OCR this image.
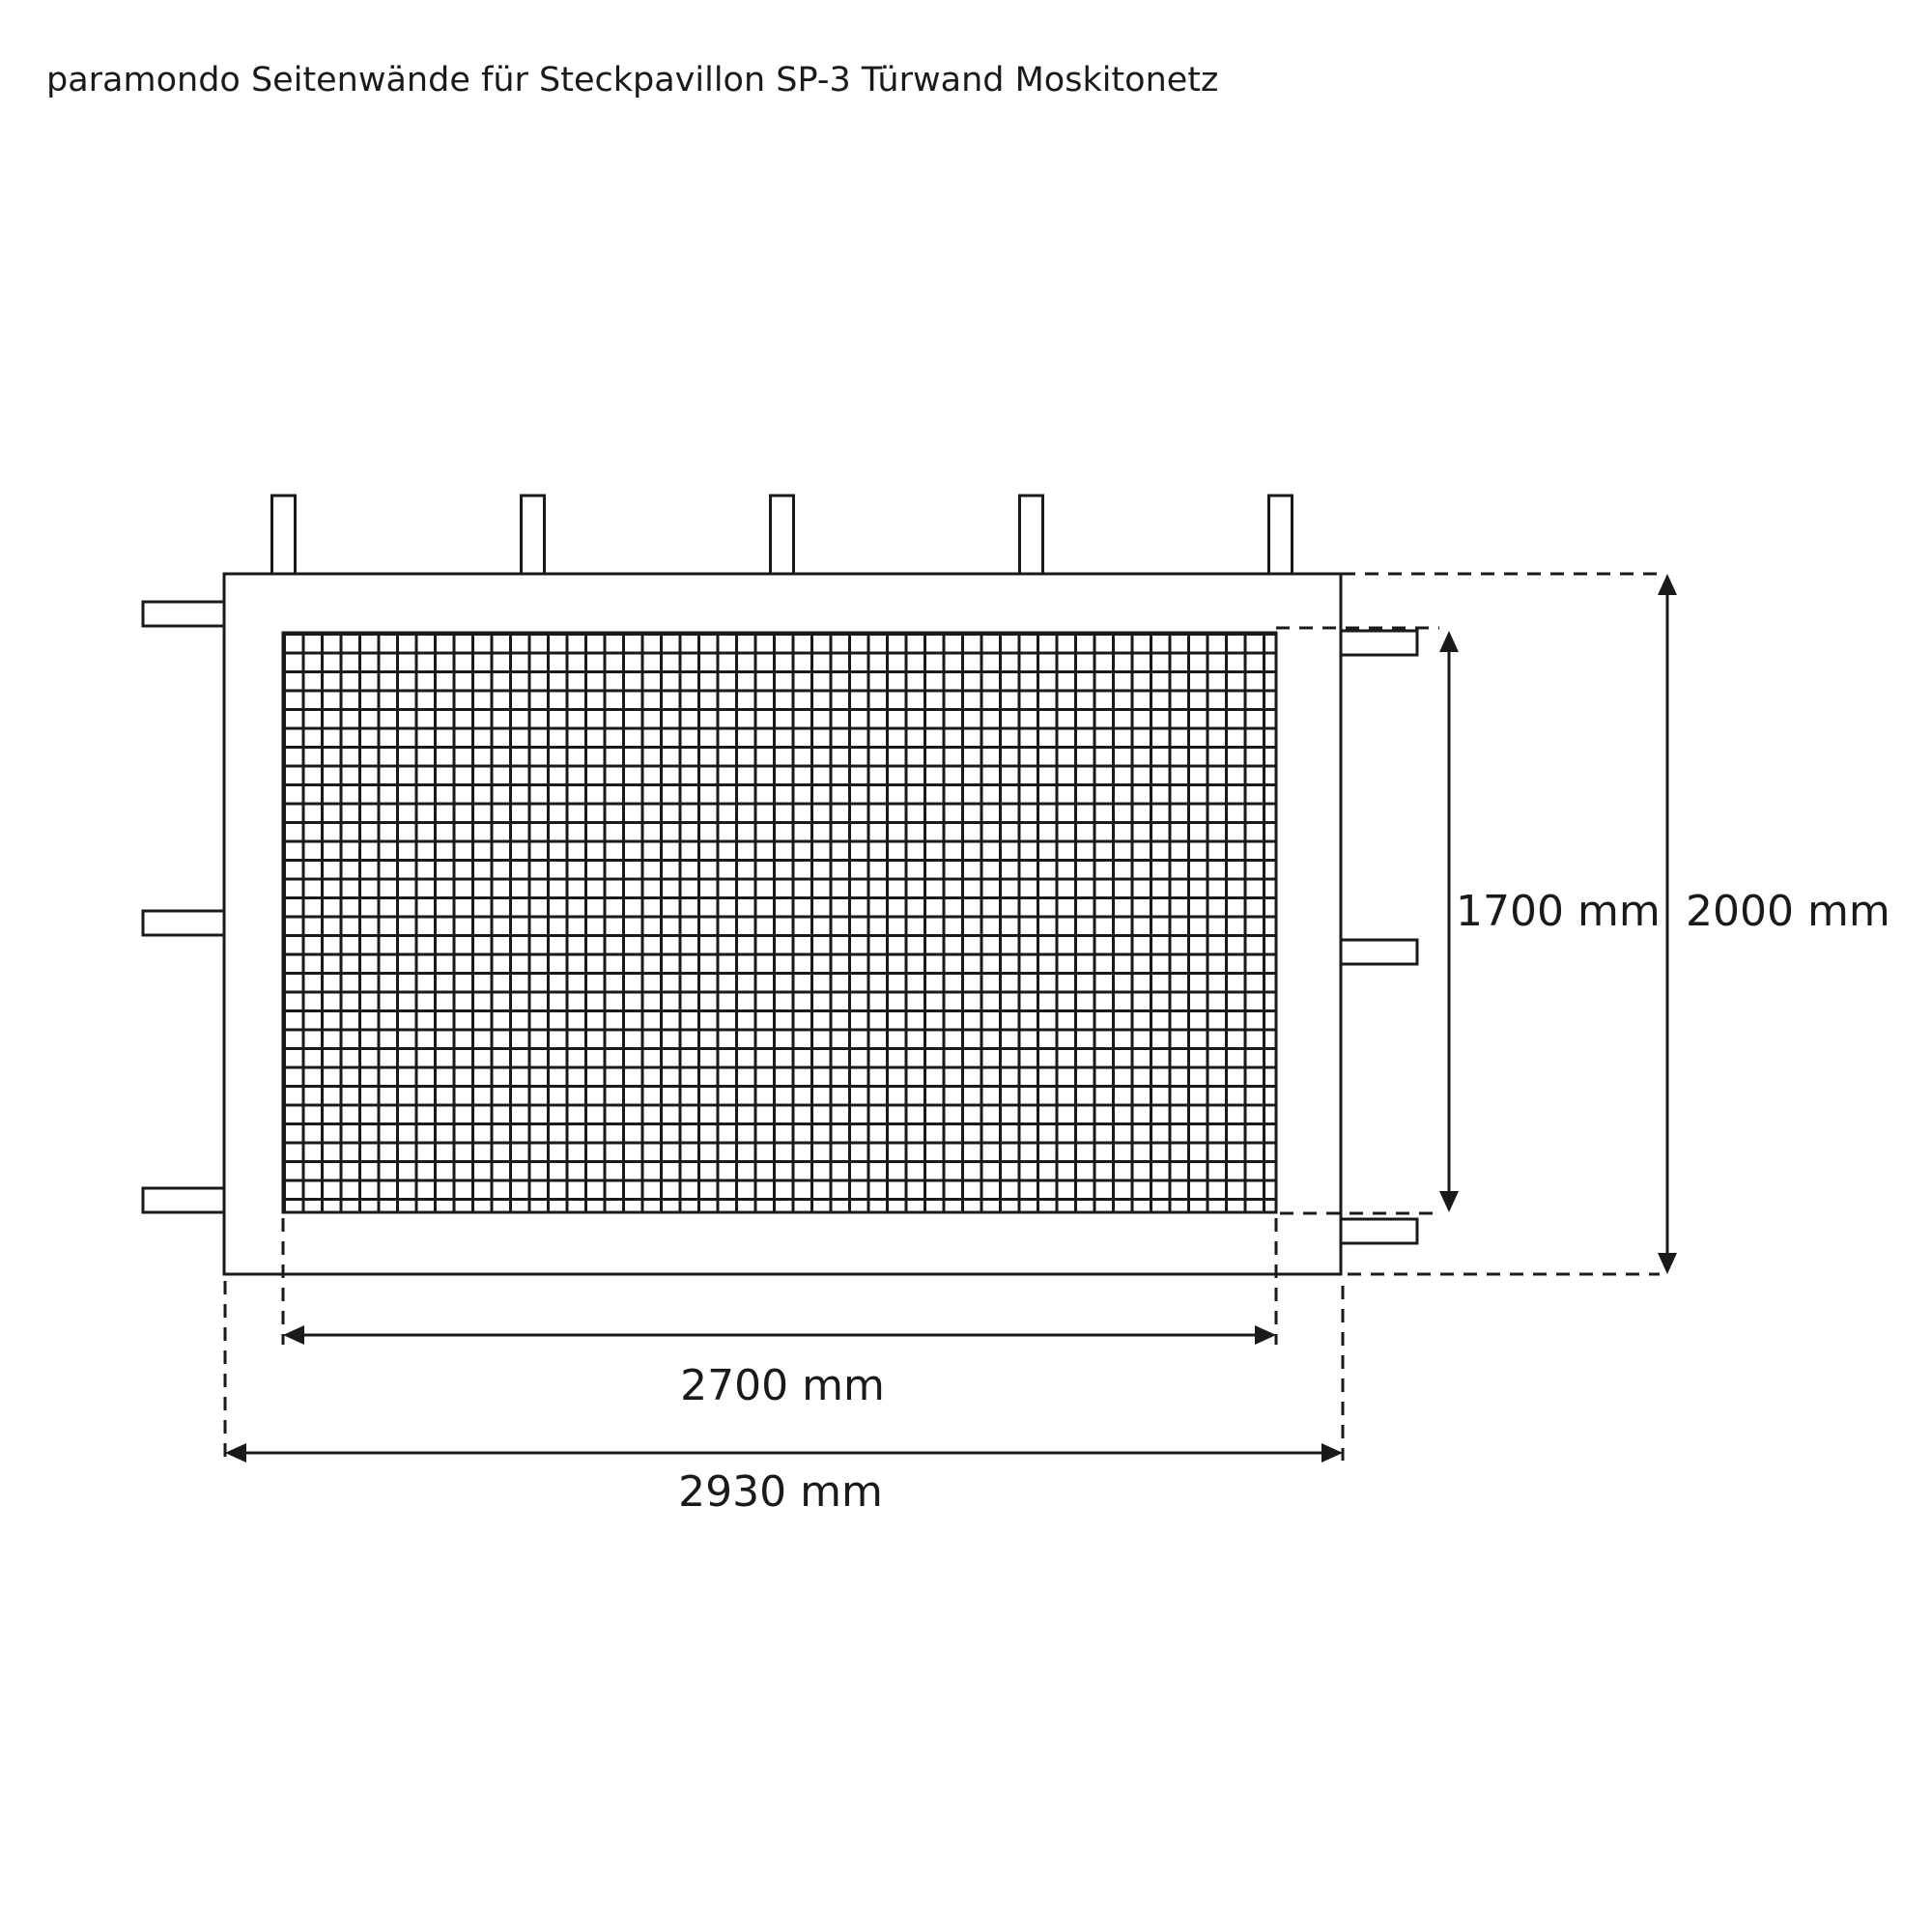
paramondo Seitenwände für Steckpavillon SP-3 Türwand Moskitonetz
1700 mm 2000 mm
2700 mm
2930 mm
